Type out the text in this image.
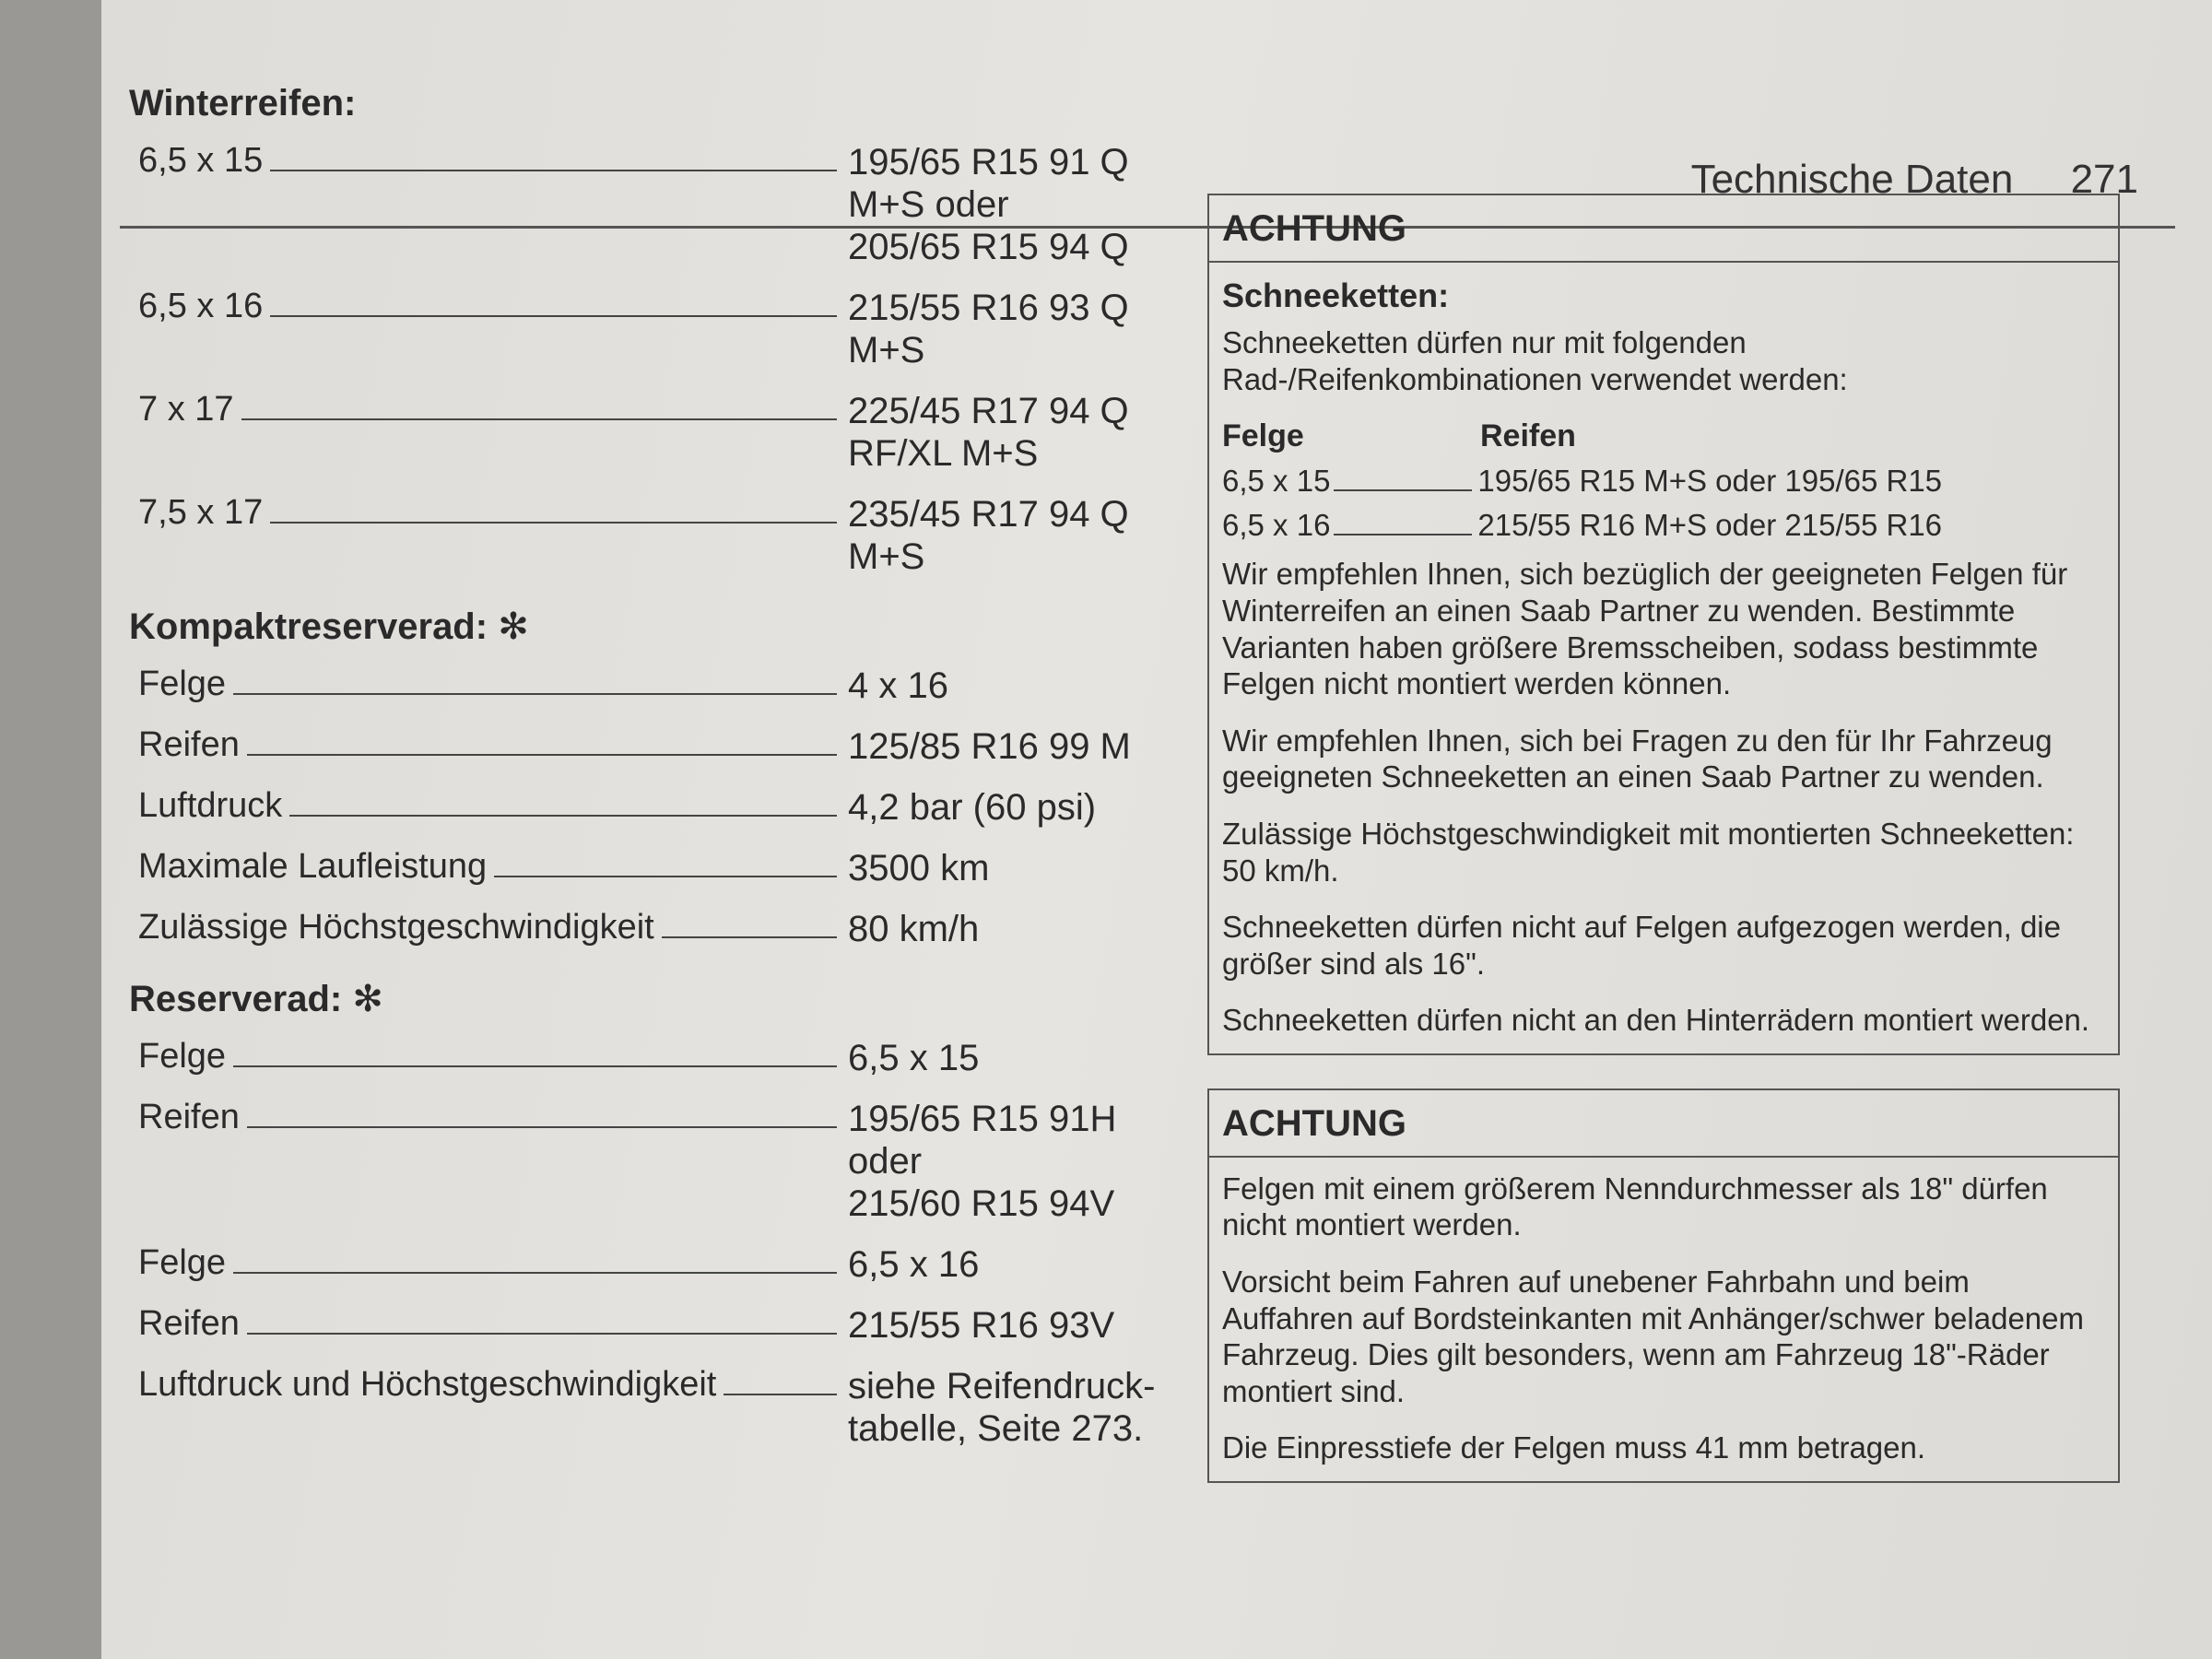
Technische Daten 271
Winterreifen:
6,5 x 15	195/65 R15 91 Q
M+S oder
205/65 R15 94 Q
6,5 x 16	215/55 R16 93 Q
M+S
7 x 17	225/45 R17 94 Q
RF/XL M+S
7,5 x 17	235/45 R17 94 Q
M+S
Kompaktreserverad: ✻
Felge	4 x 16
Reifen	125/85 R16 99 M
Luftdruck	4,2 bar (60 psi)
Maximale Laufleistung	3500 km
Zulässige Höchstgeschwindigkeit	80 km/h
Reserverad: ✻
Felge	6,5 x 15
Reifen	195/65 R15 91H
oder
215/60 R15 94V
Felge	6,5 x 16
Reifen	215/55 R16 93V
Luftdruck und Höchstgeschwindigkeit	siehe Reifendruck-
tabelle, Seite 273.
ACHTUNG
Schneeketten:

Schneeketten dürfen nur mit folgenden Rad-/Reifenkombinationen verwendet werden:

Felge	Reifen
6,5 x 15	195/65 R15 M+S oder 195/65 R15
6,5 x 16	215/55 R16 M+S oder 215/55 R16

Wir empfehlen Ihnen, sich bezüglich der geeigneten Felgen für Winterreifen an einen Saab Partner zu wenden. Bestimmte Varianten haben größere Bremsscheiben, sodass bestimmte Felgen nicht montiert werden können.

Wir empfehlen Ihnen, sich bei Fragen zu den für Ihr Fahrzeug geeigneten Schneeketten an einen Saab Partner zu wenden.

Zulässige Höchstgeschwindigkeit mit montierten Schneeketten: 50 km/h.

Schneeketten dürfen nicht auf Felgen aufgezogen werden, die größer sind als 16".

Schneeketten dürfen nicht an den Hinterrädern montiert werden.

ACHTUNG

Felgen mit einem größerem Nenndurchmesser als 18" dürfen nicht montiert werden.

Vorsicht beim Fahren auf unebener Fahrbahn und beim Auffahren auf Bordsteinkanten mit Anhänger/schwer beladenem Fahrzeug. Dies gilt besonders, wenn am Fahrzeug 18"-Räder montiert sind.

Die Einpresstiefe der Felgen muss 41 mm betragen.
